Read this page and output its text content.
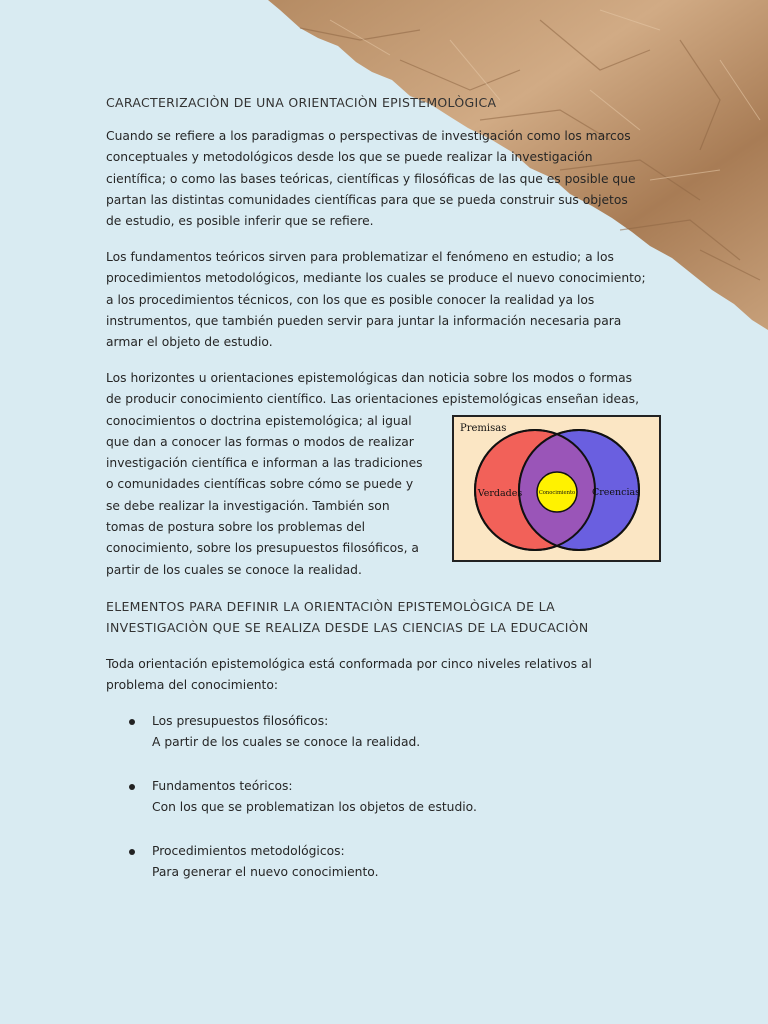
CARACTERIZACIÒN DE UNA ORIENTACIÒN EPISTEMOLÒGICA
Cuando se refiere a los paradigmas o perspectivas de investigación como los marcos
conceptuales y metodológicos desde los que se puede realizar la investigación
científica; o como las bases teóricas, científicas y filosóficas de las que es posible que
partan las distintas comunidades científicas para que se pueda construir sus objetos
de estudio, es posible inferir que se refiere.
Los fundamentos teóricos sirven para problematizar el fenómeno en estudio; a los
procedimientos metodológicos, mediante los cuales se produce el nuevo conocimiento;
a los procedimientos técnicos, con los que es posible conocer la realidad ya los
instrumentos, que también pueden servir para juntar la información necesaria para
armar el objeto de estudio.
Los horizontes u orientaciones epistemológicas dan noticia sobre los modos o formas
de producir conocimiento científico. Las orientaciones epistemológicas enseñan ideas,
conocimientos o doctrina epistemológica; al igual
que dan a conocer las formas o modos de realizar
investigación científica e informan a las tradiciones
o comunidades científicas sobre cómo se puede y
se debe realizar la investigación. También son
tomas de postura sobre los problemas del
conocimiento, sobre los presupuestos filosóficos, a
partir de los cuales se conoce la realidad.
Premisas
Verdades	Creencias
Conocimiento
ELEMENTOS PARA DEFINIR LA ORIENTACIÒN EPISTEMOLÒGICA DE LA
INVESTIGACIÒN QUE SE REALIZA DESDE LAS CIENCIAS DE LA EDUCACIÒN
Toda orientación epistemológica está conformada por cinco niveles relativos al
problema del conocimiento:
Los presupuestos filosóficos:
A partir de los cuales se conoce la realidad.
Fundamentos teóricos:
Con los que se problematizan los objetos de estudio.
Procedimientos metodológicos:
Para generar el nuevo conocimiento.
